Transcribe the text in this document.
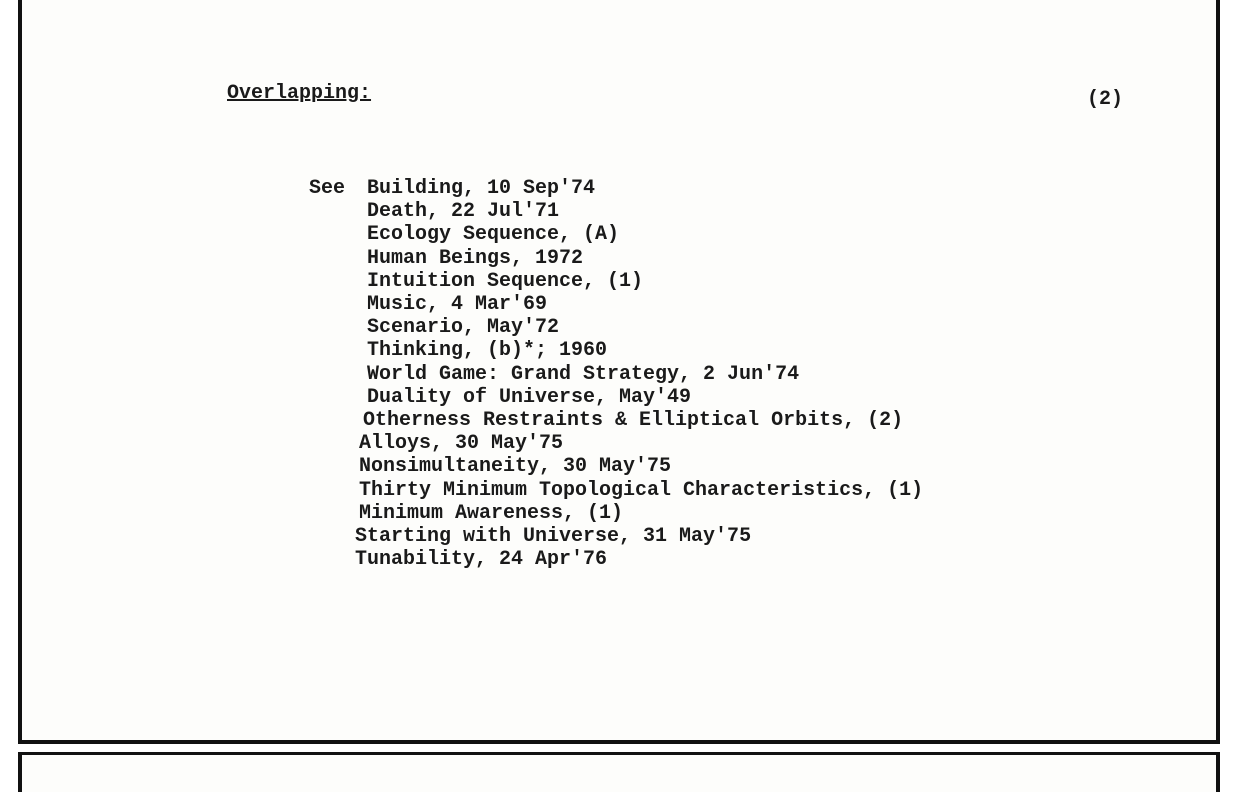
Overlapping:	(2)
See Building, 10 Sep'74
Death, 22 Jul'71
Ecology Sequence, (A)
Human Beings, 1972
Intuition Sequence, (1)
Music, 4 Mar'69
Scenario, May'72
Thinking, (b)*; 1960
World Game: Grand Strategy, 2 Jun'74
Duality of Universe, May'49
Otherness Restraints & Elliptical Orbits, (2)
Alloys, 30 May'75
Nonsimultaneity, 30 May'75
Thirty Minimum Topological Characteristics, (1)
Minimum Awareness, (1)
Starting with Universe, 31 May'75
Tunability, 24 Apr'76
